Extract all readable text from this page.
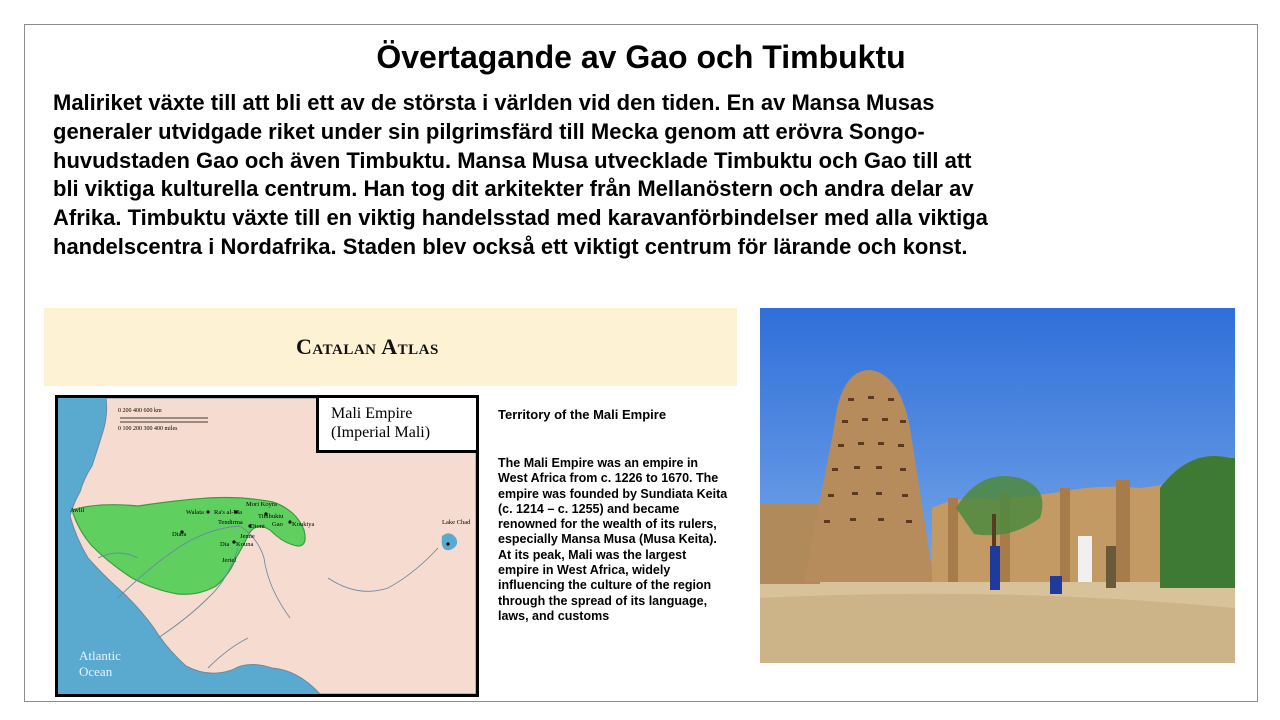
Övertagande av Gao och Timbuktu
Maliriket växte till att bli ett av de största i världen vid den tiden. En av Mansa Musas
generaler utvidgade riket under sin pilgrimsfärd till Mecka genom att erövra Songo-
huvudstaden Gao och även Timbuktu. Mansa Musa utvecklade Timbuktu och Gao till att
bli viktiga kulturella centrum. Han tog dit arkitekter från Mellanöstern och andra delar av
Afrika. Timbuktu växte till en viktig handelsstad med karavanförbindelser med alla viktiga
handelscentra i Nordafrika. Staden blev också ett viktigt centrum för lärande och konst.
Catalan Atlas
Walata Ra's al-Ma
Mori Koyra
Timbuktu
Tendirma
Dioni Gao Koukiya
Jenne
Dia Kouna
Diara
Jeriel
Awlil
Lake Chad
0 200 400 600 km
0 100 200 300 400 miles
Mali Empire
(Imperial Mali)
Atlantic
Ocean
Territory of the Mali Empire

The Mali Empire was an empire in West Africa from c. 1226 to 1670. The empire was founded by Sundiata Keita (c. 1214 – c. 1255) and became renowned for the wealth of its rulers, especially Mansa Musa (Musa Keita). At its peak, Mali was the largest empire in West Africa, widely influencing the culture of the region through the spread of its language, laws, and customs
